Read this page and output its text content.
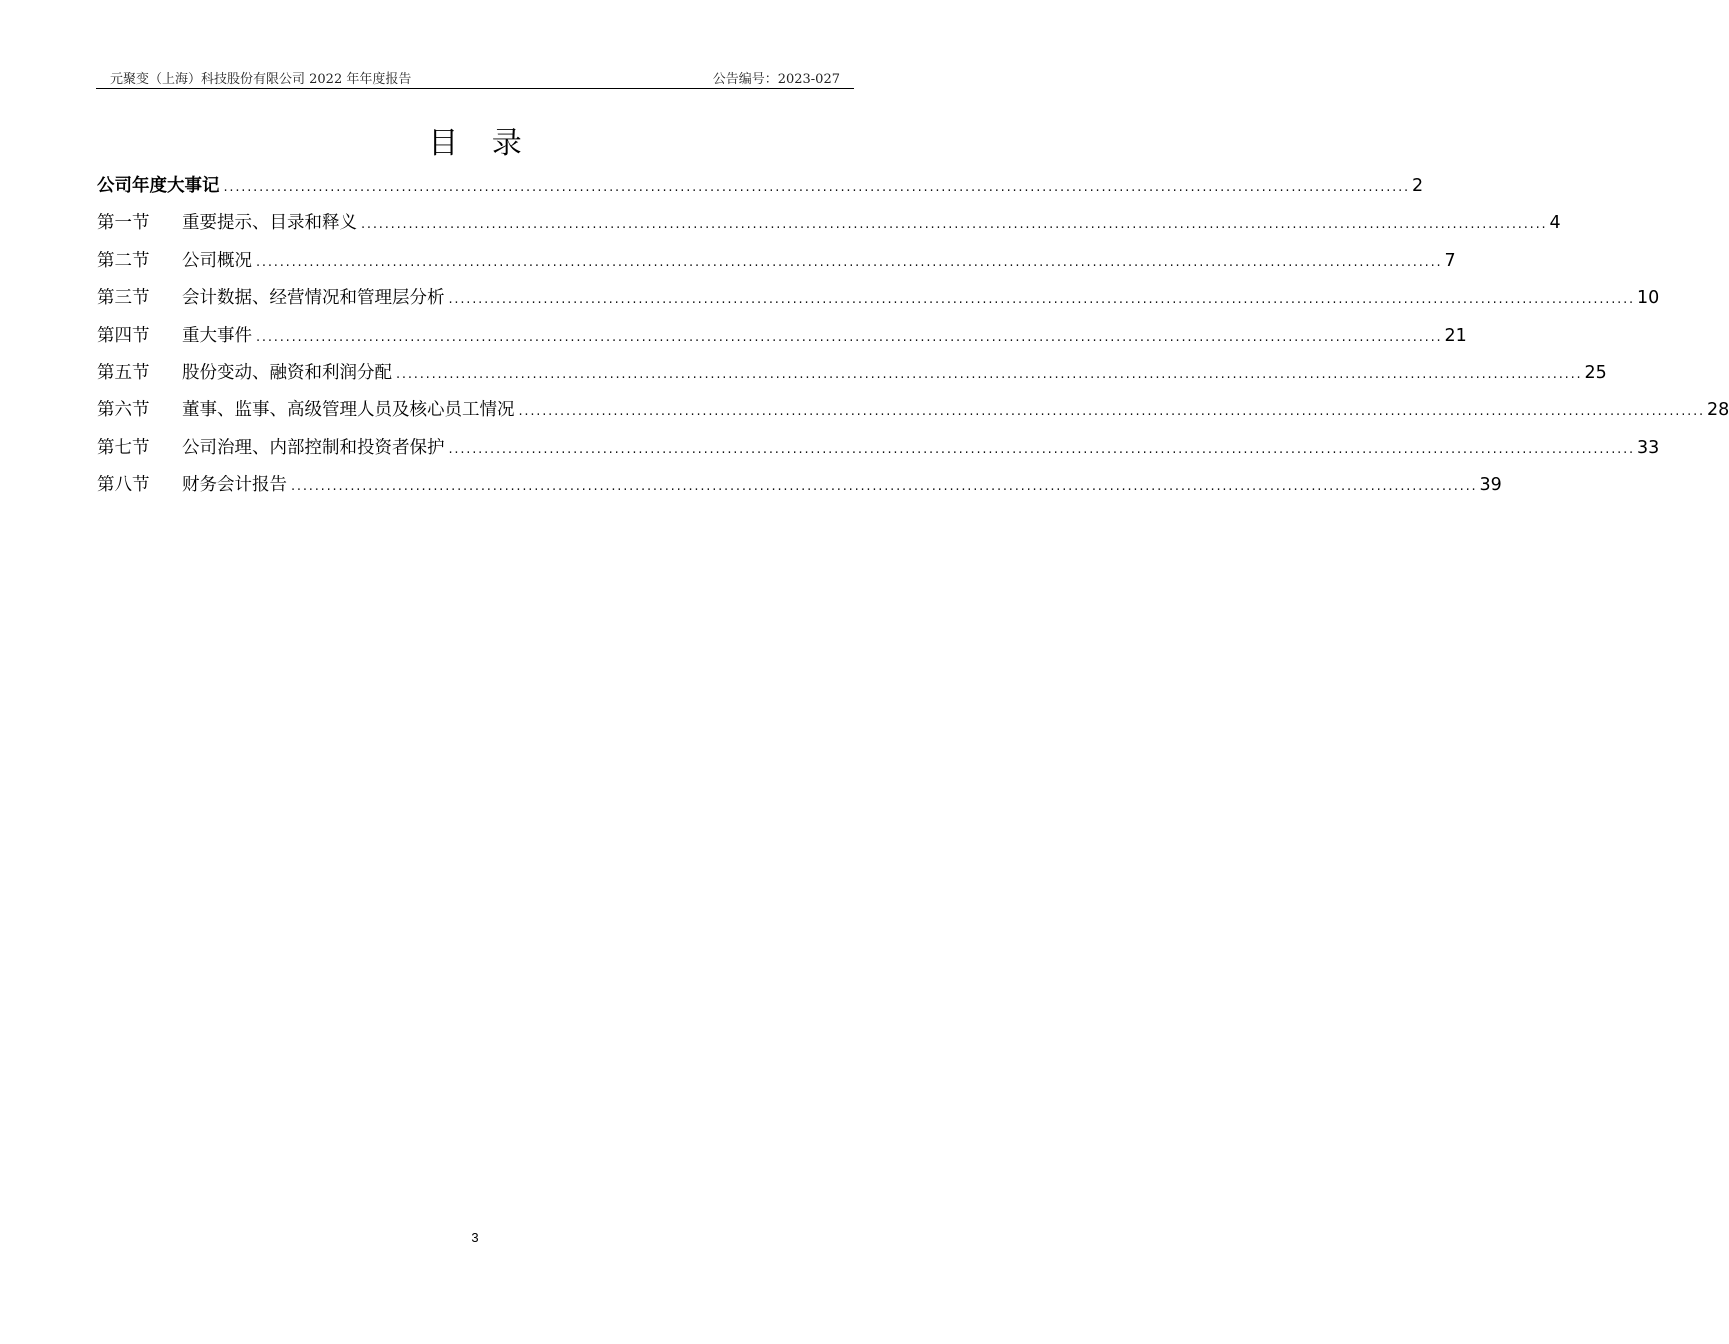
元聚变（上海）科技股份有限公司 2022 年年度报告	公告编号：2023-027
目 录
公司年度大事记 ........................................................................................................................................................................................................ 2
第一节	重要提示、目录和释义 ........................................................................................................................................................................................................ 4
第二节	公司概况 ........................................................................................................................................................................................................ 7
第三节	会计数据、经营情况和管理层分析 ........................................................................................................................................................................................................ 10
第四节	重大事件 ........................................................................................................................................................................................................ 21
第五节	股份变动、融资和利润分配 ........................................................................................................................................................................................................ 25
第六节	董事、监事、高级管理人员及核心员工情况 ........................................................................................................................................................................................................ 28
第七节	公司治理、内部控制和投资者保护 ........................................................................................................................................................................................................ 33
第八节	财务会计报告 ........................................................................................................................................................................................................ 39
3
